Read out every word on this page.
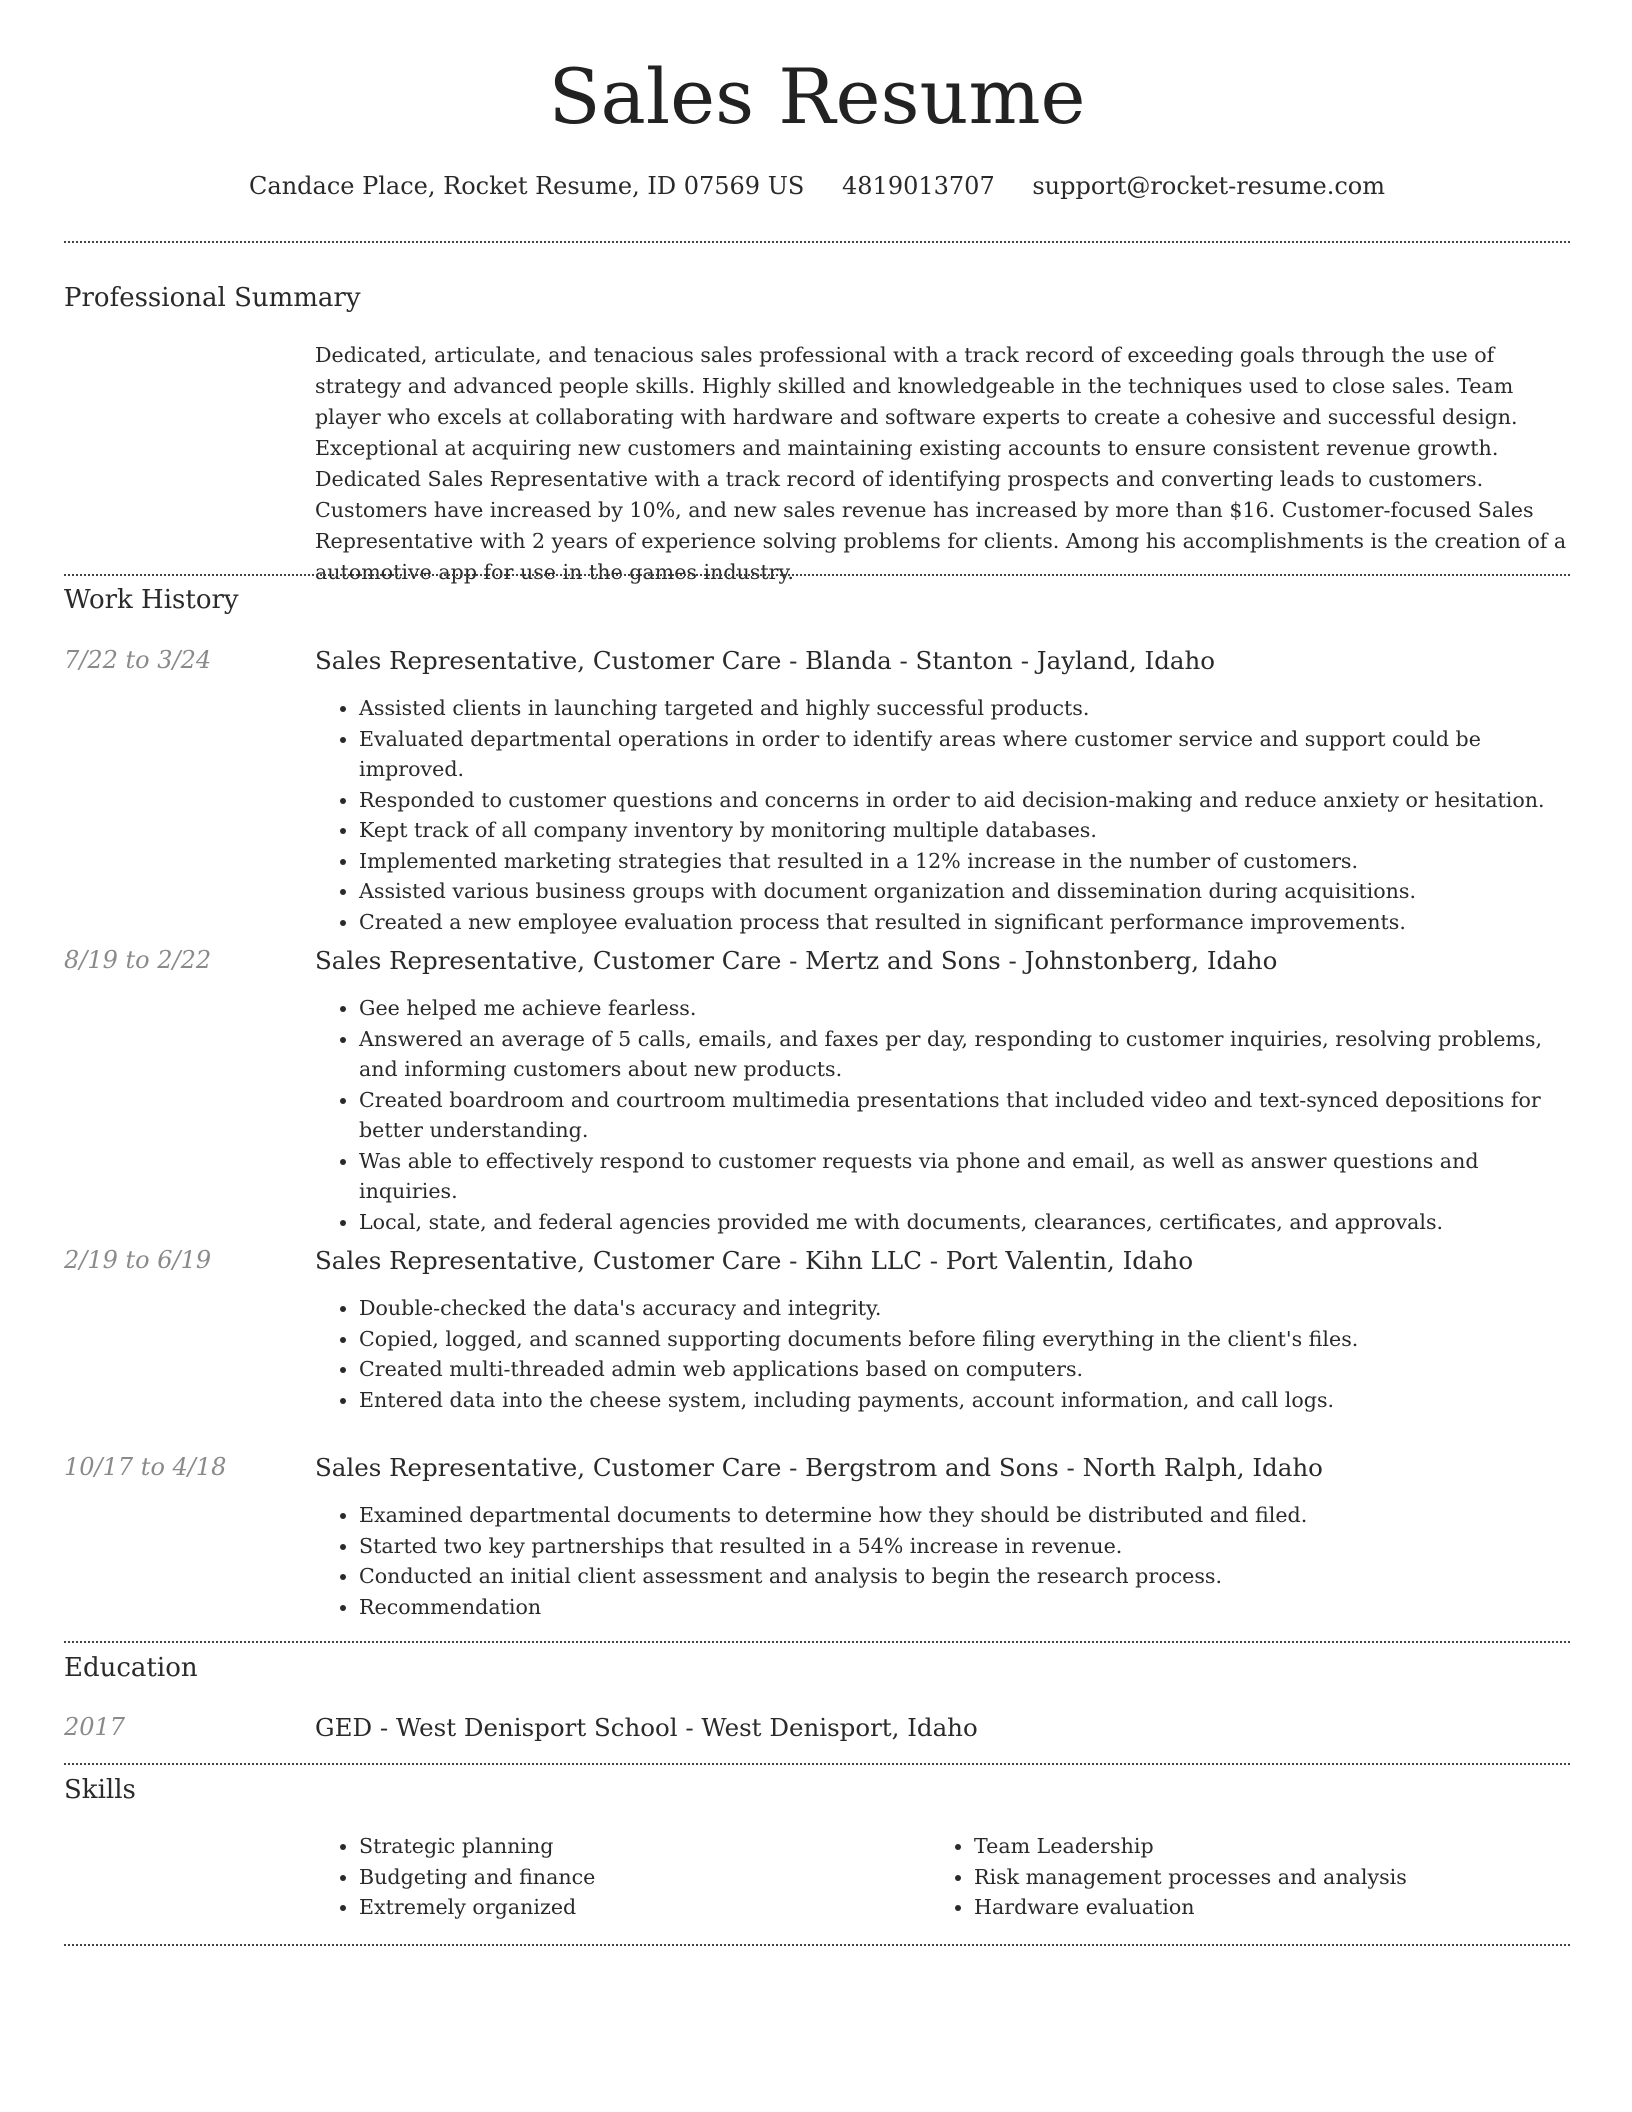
Sales Resume
Candace Place, Rocket Resume, ID 07569 US 4819013707 support@rocket-resume.com
Professional Summary

Dedicated, articulate, and tenacious sales professional with a track record of exceeding goals through the use of strategy and advanced people skills. Highly skilled and knowledgeable in the techniques used to close sales. Team player who excels at collaborating with hardware and software experts to create a cohesive and successful design. Exceptional at acquiring new customers and maintaining existing accounts to ensure consistent revenue growth. Dedicated Sales Representative with a track record of identifying prospects and converting leads to customers. Customers have increased by 10%, and new sales revenue has increased by more than $16. Customer-focused Sales Representative with 2 years of experience solving problems for clients. Among his accomplishments is the creation of a automotive app for use in the games industry.

Work History
7/22 to 3/24	Sales Representative, Customer Care - Blanda - Stanton - Jayland, Idaho
• Assisted clients in launching targeted and highly successful products.
• Evaluated departmental operations in order to identify areas where customer service and support could be improved.
• Responded to customer questions and concerns in order to aid decision-making and reduce anxiety or hesitation.
• Kept track of all company inventory by monitoring multiple databases.
• Implemented marketing strategies that resulted in a 12% increase in the number of customers.
• Assisted various business groups with document organization and dissemination during acquisitions.
• Created a new employee evaluation process that resulted in significant performance improvements.
8/19 to 2/22	Sales Representative, Customer Care - Mertz and Sons - Johnstonberg, Idaho
• Gee helped me achieve fearless.
• Answered an average of 5 calls, emails, and faxes per day, responding to customer inquiries, resolving problems, and informing customers about new products.
• Created boardroom and courtroom multimedia presentations that included video and text-synced depositions for better understanding.
• Was able to effectively respond to customer requests via phone and email, as well as answer questions and inquiries.
• Local, state, and federal agencies provided me with documents, clearances, certificates, and approvals.
2/19 to 6/19	Sales Representative, Customer Care - Kihn LLC - Port Valentin, Idaho
• Double-checked the data's accuracy and integrity.
• Copied, logged, and scanned supporting documents before filing everything in the client's files.
• Created multi-threaded admin web applications based on computers.
• Entered data into the cheese system, including payments, account information, and call logs.
10/17 to 4/18	Sales Representative, Customer Care - Bergstrom and Sons - North Ralph, Idaho
• Examined departmental documents to determine how they should be distributed and filed.
• Started two key partnerships that resulted in a 54% increase in revenue.
• Conducted an initial client assessment and analysis to begin the research process.
• Recommendation
Education
2017	GED - West Denisport School - West Denisport, Idaho
Skills
• Strategic planning
• Budgeting and finance
• Extremely organized
• Team Leadership
• Risk management processes and analysis
• Hardware evaluation
